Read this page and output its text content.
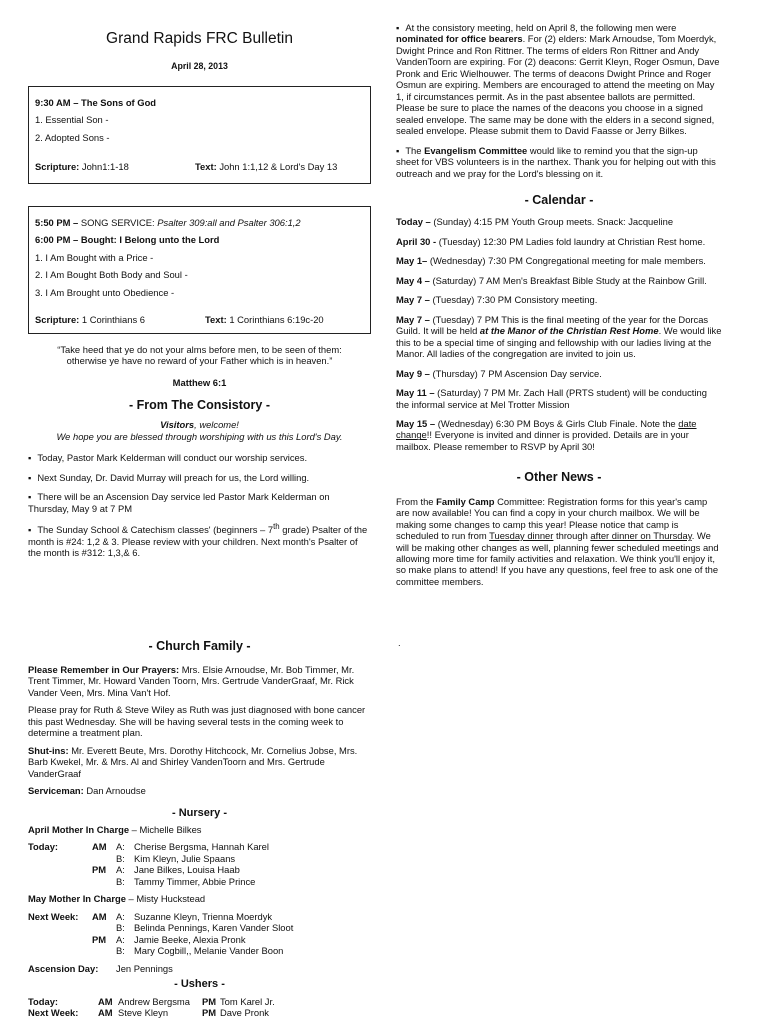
Grand Rapids FRC Bulletin
April 28, 2013

9:30 AM – The Sons of God

1. Essential Son -

2. Adopted Sons -

Scripture: John1:1-18	Text: John 1:1,12 & Lord's Day 13

5:50 PM – SONG SERVICE: Psalter 309:all and Psalter 306:1,2

6:00 PM – Bought: I Belong unto the Lord

1. I Am Bought with a Price -

2. I Am Bought Both Body and Soul -

3. I Am Brought unto Obedience -

Scripture: 1 Corinthians 6	Text: 1 Corinthians 6:19c-20
“Take heed that ye do not your alms before men, to be seen of them: otherwise ye have no reward of your Father which is in heaven.”
Matthew 6:1
- From The Consistory -
Visitors, welcome!
We hope you are blessed through worshiping with us this Lord's Day.
▪ Today, Pastor Mark Kelderman will conduct our worship services.
▪ Next Sunday, Dr. David Murray will preach for us, the Lord willing.
▪ There will be an Ascension Day service led Pastor Mark Kelderman on Thursday, May 9 at 7 PM
▪ The Sunday School & Catechism classes' (beginners – 7th grade) Psalter of the month is #24: 1,2 & 3. Please review with your children. Next month's Psalter of the month is #312: 1,3,& 6.
- Church Family -

Please Remember in Our Prayers: Mrs. Elsie Arnoudse, Mr. Bob Timmer, Mr. Trent Timmer, Mr. Howard Vanden Toorn, Mrs. Gertrude VanderGraaf, Mr. Rick Vander Veen, Mrs. Mina Van't Hof.

Please pray for Ruth & Steve Wiley as Ruth was just diagnosed with bone cancer this past Wednesday. She will be having several tests in the coming week to determine a treatment plan.

Shut-ins: Mr. Everett Beute, Mrs. Dorothy Hitchcock, Mr. Cornelius Jobse, Mrs. Barb Kwekel, Mr. & Mrs. Al and Shirley VandenToorn and Mrs. Gertrude VanderGraaf

Serviceman: Dan Arnoudse

- Nursery -

April Mother In Charge – Michelle Bilkes

Today:	AM	A: Cherise Bergsma, Hannah Karel
B: Kim Kleyn, Julie Spaans
PM	A: Jane Bilkes, Louisa Haab
B: Tammy Timmer, Abbie Prince

May Mother In Charge – Misty Huckstead

Next Week:	AM	A: Suzanne Kleyn, Trienna Moerdyk
B: Belinda Pennings, Karen Vander Sloot
PM	A: Jamie Beeke, Alexia Pronk
B: Mary Cogbill,, Melanie Vander Boon
Ascension Day:	Jen Pennings
- Ushers -
Today:	AM Andrew Bergsma	PM Tom Karel Jr.
Next Week:	AM Steve Kleyn	PM Dave Pronk
▪ At the consistory meeting, held on April 8, the following men were nominated for office bearers. For (2) elders: Mark Arnoudse, Tom Moerdyk, Dwight Prince and Ron Rittner. The terms of elders Ron Rittner and Andy VandenToorn are expiring. For (2) deacons: Gerrit Kleyn, Roger Osmun, Dave Pronk and Eric Wielhouwer. The terms of deacons Dwight Prince and Roger Osmun are expiring. Members are encouraged to attend the meeting on May 1, if circumstances permit. As in the past absentee ballots are permitted. Please be sure to place the names of the deacons you choose in a signed sealed envelope. The same may be done with the elders in a second signed, sealed envelope. Please submit them to David Faasse or Jerry Bilkes.
▪ The Evangelism Committee would like to remind you that the sign-up sheet for VBS volunteers is in the narthex. Thank you for helping out with this outreach and we pray for the Lord's blessing on it.
- Calendar -

Today – (Sunday) 4:15 PM Youth Group meets. Snack: Jacqueline

April 30 - (Tuesday) 12:30 PM Ladies fold laundry at Christian Rest home.

May 1– (Wednesday) 7:30 PM Congregational meeting for male members.

May 4 – (Saturday) 7 AM Men's Breakfast Bible Study at the Rainbow Grill.

May 7 – (Tuesday) 7:30 PM Consistory meeting.

May 7 – (Tuesday) 7 PM This is the final meeting of the year for the Dorcas Guild. It will be held at the Manor of the Christian Rest Home. We would like this to be a special time of singing and fellowship with our ladies living at the Manor. All ladies of the congregation are invited to join us.

May 9 – (Thursday) 7 PM Ascension Day service.

May 11 – (Saturday) 7 PM Mr. Zach Hall (PRTS student) will be conducting the informal service at Mel Trotter Mission

May 15 – (Wednesday) 6:30 PM Boys & Girls Club Finale. Note the date change!! Everyone is invited and dinner is provided. Details are in your mailbox. Please remember to RSVP by April 30!

- Other News -

From the Family Camp Committee: Registration forms for this year's camp are now available! You can find a copy in your church mailbox. We will be making some changes to camp this year! Please notice that camp is scheduled to run from Tuesday dinner through after dinner on Thursday. We will be making other changes as well, planning fewer scheduled meetings and allowing more time for family activities and relaxation. We think you'll enjoy it, so make plans to attend! If you have any questions, feel free to ask one of the committee members.

.
